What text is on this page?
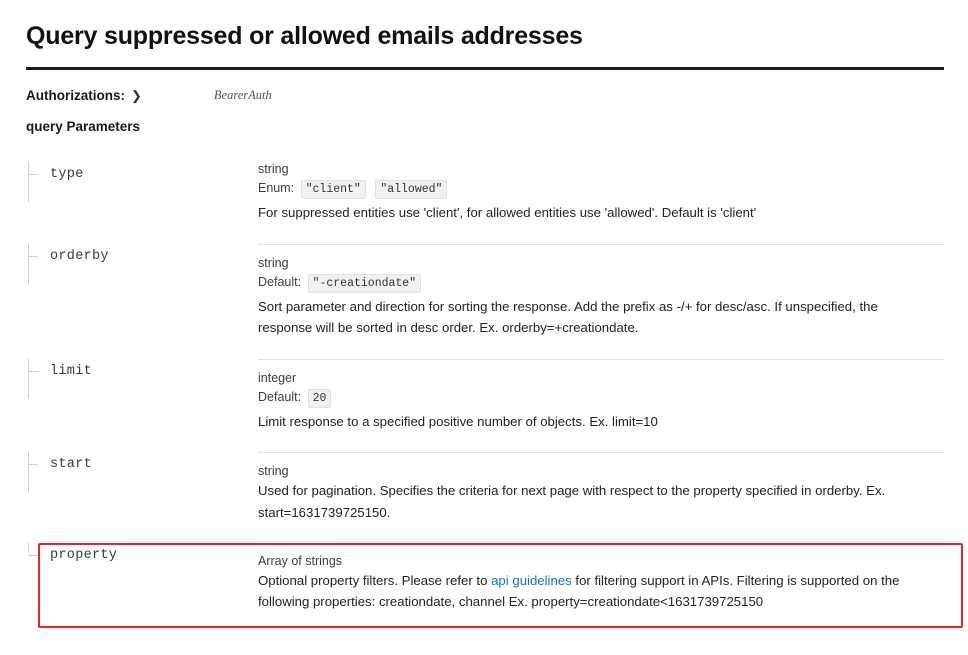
Query suppressed or allowed emails addresses
Authorizations: ❯	BearerAuth
query Parameters
type	string
Enum: "client" "allowed"
For suppressed entities use 'client', for allowed entities use 'allowed'. Default is 'client'
orderby	string
Default: "-creationdate"
Sort parameter and direction for sorting the response. Add the prefix as -/+ for desc/asc. If unspecified, the response will be sorted in desc order. Ex. orderby=+creationdate.
limit	integer
Default: 20
Limit response to a specified positive number of objects. Ex. limit=10
start	string
Used for pagination. Specifies the criteria for next page with respect to the property specified in orderby. Ex. start=1631739725150.
property	Array of strings
Optional property filters. Please refer to api guidelines for filtering support in APIs. Filtering is supported on the following properties: creationdate, channel Ex. property=creationdate<1631739725150
